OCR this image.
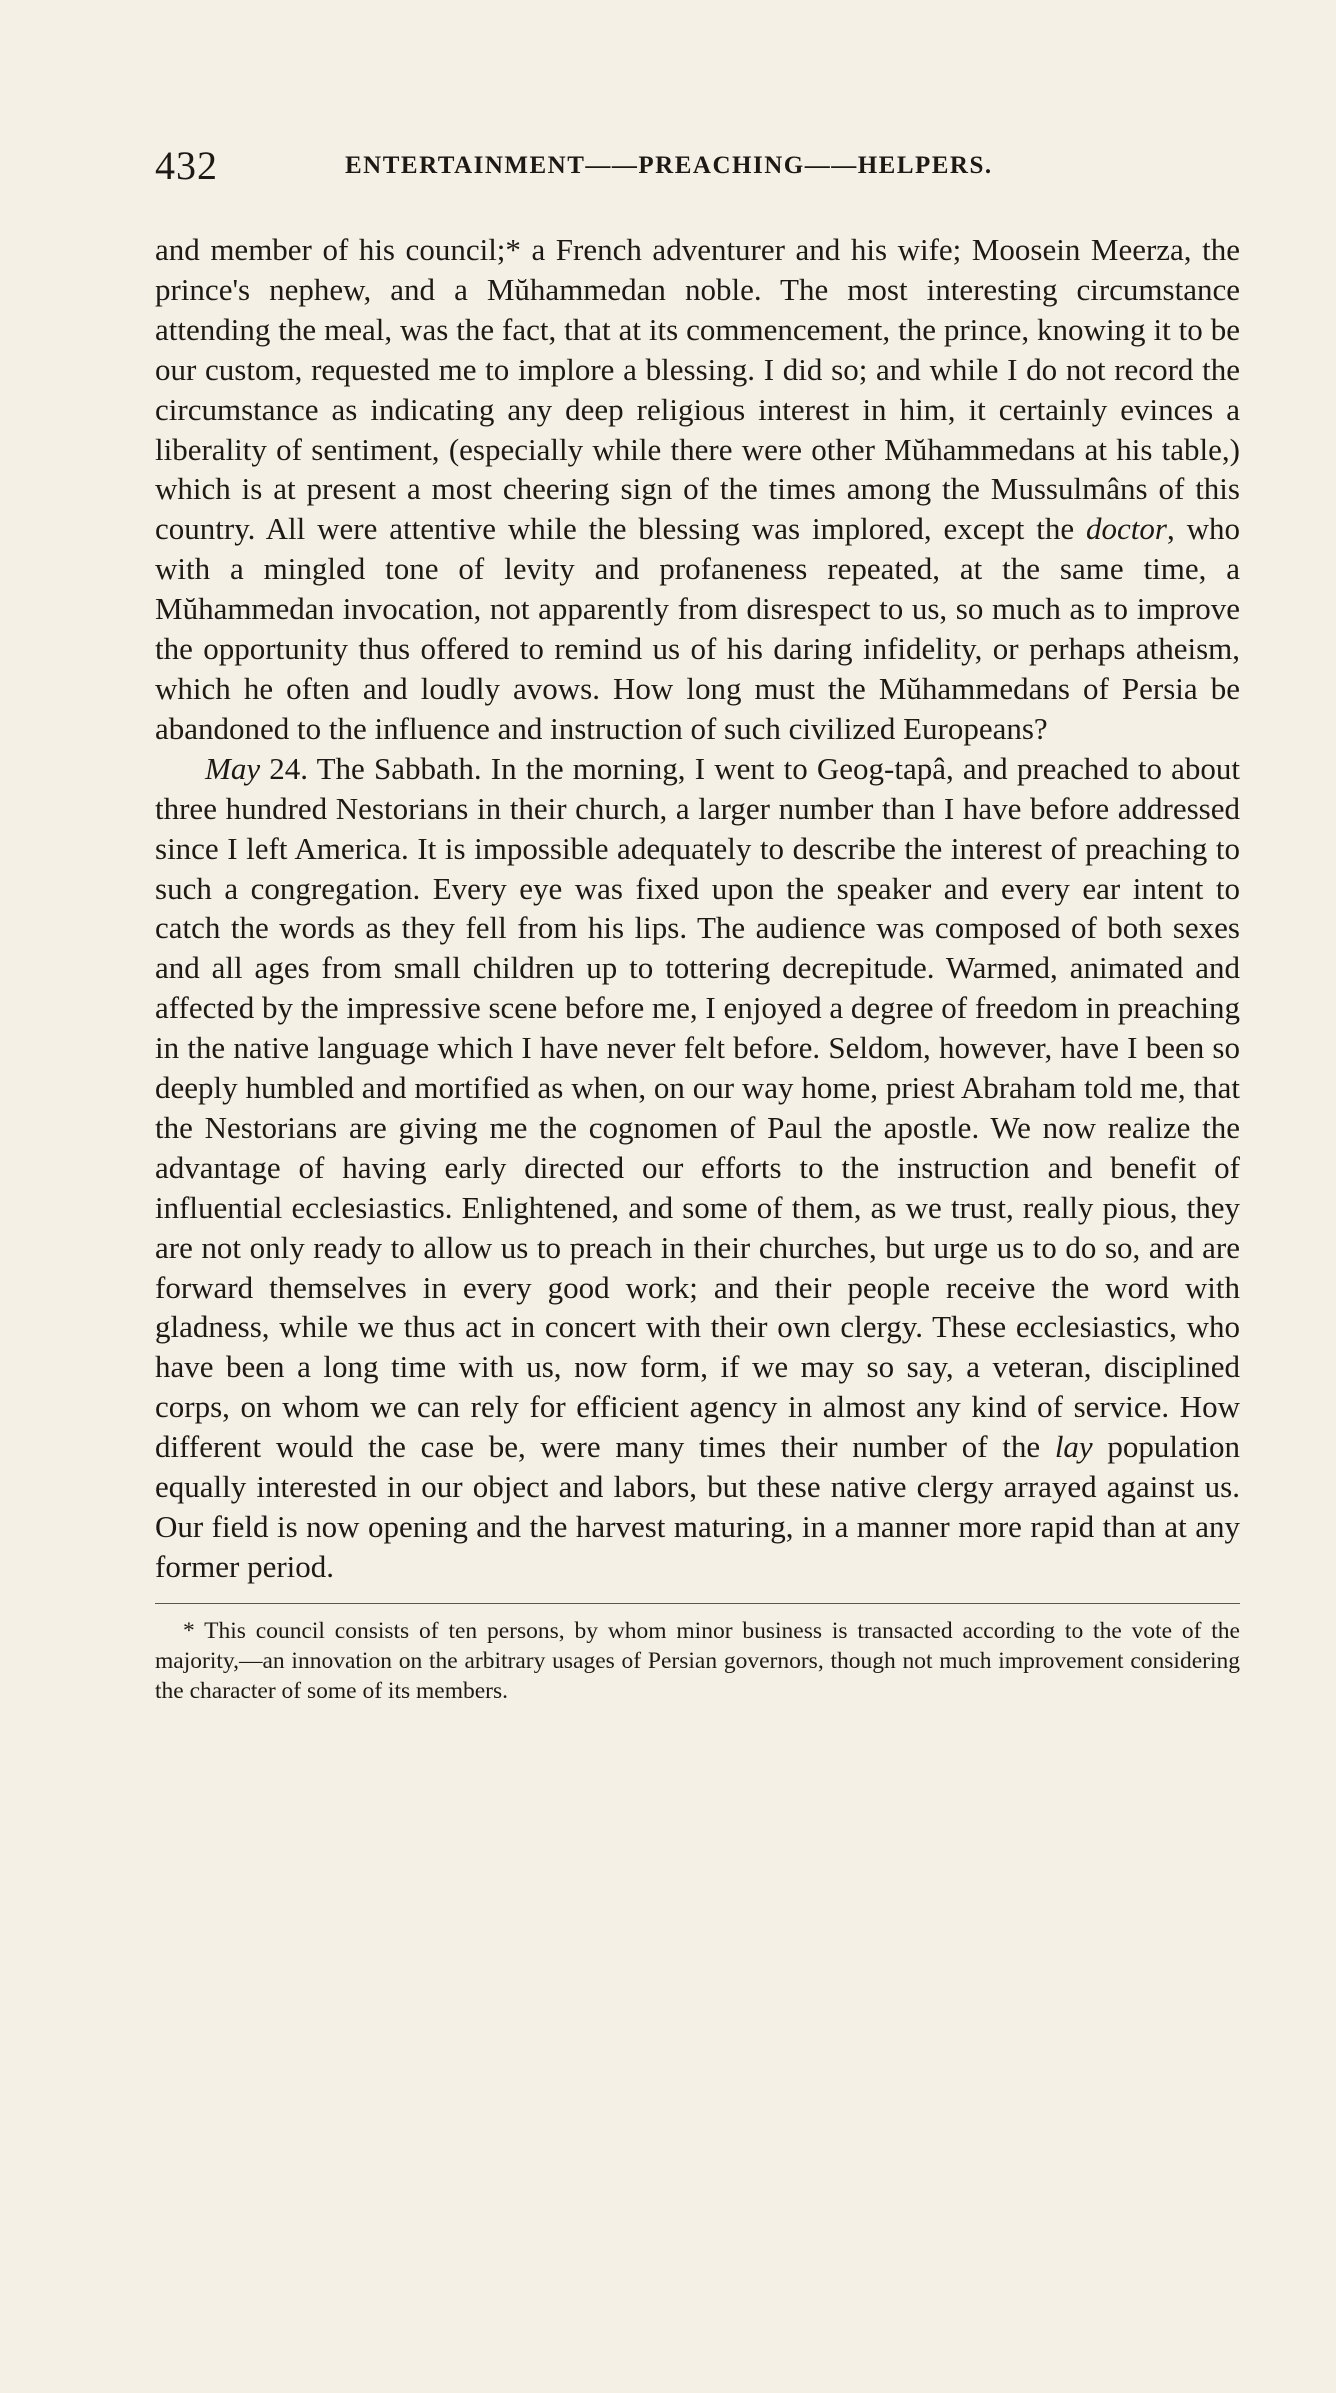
432	ENTERTAINMENT——PREACHING——HELPERS.

and member of his council;* a French adventurer and his wife; Moosein Meerza, the prince's nephew, and a Mŭhammedan noble. The most interesting circumstance attending the meal, was the fact, that at its commencement, the prince, knowing it to be our custom, requested me to implore a blessing. I did so; and while I do not record the circumstance as indicating any deep religious interest in him, it certainly evinces a liberality of sentiment, (especially while there were other Mŭhammedans at his table,) which is at present a most cheering sign of the times among the Mussulmâns of this country. All were attentive while the blessing was implored, except the doctor, who with a mingled tone of levity and profaneness repeated, at the same time, a Mŭhammedan invocation, not apparently from disrespect to us, so much as to improve the opportunity thus offered to remind us of his daring infidelity, or perhaps atheism, which he often and loudly avows. How long must the Mŭhammedans of Persia be abandoned to the influence and instruction of such civilized Europeans?

May 24. The Sabbath. In the morning, I went to Geog-tapâ, and preached to about three hundred Nestorians in their church, a larger number than I have before addressed since I left America. It is impossible adequately to describe the interest of preaching to such a congregation. Every eye was fixed upon the speaker and every ear intent to catch the words as they fell from his lips. The audience was composed of both sexes and all ages from small children up to tottering decrepitude. Warmed, animated and affected by the impressive scene before me, I enjoyed a degree of freedom in preaching in the native language which I have never felt before. Seldom, however, have I been so deeply humbled and mortified as when, on our way home, priest Abraham told me, that the Nestorians are giving me the cognomen of Paul the apostle. We now realize the advantage of having early directed our efforts to the instruction and benefit of influential ecclesiastics. Enlightened, and some of them, as we trust, really pious, they are not only ready to allow us to preach in their churches, but urge us to do so, and are forward themselves in every good work; and their people receive the word with gladness, while we thus act in concert with their own clergy. These ecclesiastics, who have been a long time with us, now form, if we may so say, a veteran, disciplined corps, on whom we can rely for efficient agency in almost any kind of service. How different would the case be, were many times their number of the lay population equally interested in our object and labors, but these native clergy arrayed against us. Our field is now opening and the harvest maturing, in a manner more rapid than at any former period.

* This council consists of ten persons, by whom minor business is transacted according to the vote of the majority,—an innovation on the arbitrary usages of Persian governors, though not much improvement considering the character of some of its members.
